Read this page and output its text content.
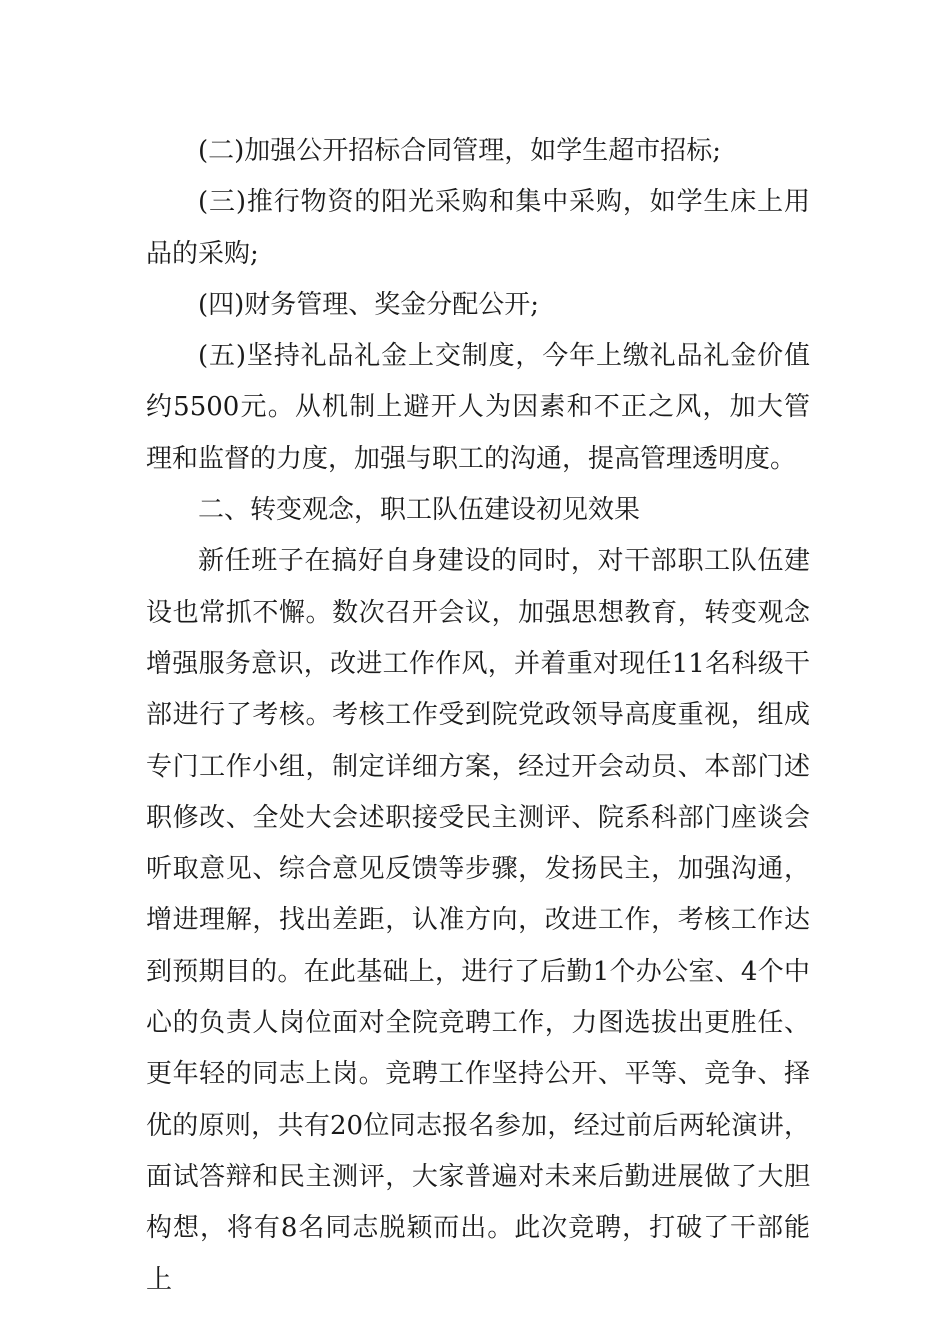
(二)加强公开招标合同管理，如学生超市招标;

(三)推行物资的阳光采购和集中采购，如学生床上用品的采购;

(四)财务管理、奖金分配公开;

(五)坚持礼品礼金上交制度，今年上缴礼品礼金价值约5500元。从机制上避开人为因素和不正之风，加大管理和监督的力度，加强与职工的沟通，提高管理透明度。

二、转变观念，职工队伍建设初见效果

新任班子在搞好自身建设的同时，对干部职工队伍建设也常抓不懈。数次召开会议，加强思想教育，转变观念增强服务意识，改进工作作风，并着重对现任11名科级干部进行了考核。考核工作受到院党政领导高度重视，组成专门工作小组，制定详细方案，经过开会动员、本部门述职修改、全处大会述职接受民主测评、院系科部门座谈会听取意见、综合意见反馈等步骤，发扬民主，加强沟通，增进理解，找出差距，认准方向，改进工作，考核工作达到预期目的。在此基础上，进行了后勤1个办公室、4个中心的负责人岗位面对全院竞聘工作，力图选拔出更胜任、更年轻的同志上岗。竞聘工作坚持公开、平等、竞争、择优的原则，共有20位同志报名参加，经过前后两轮演讲，面试答辩和民主测评，大家普遍对未来后勤进展做了大胆构想，将有8名同志脱颖而出。此次竞聘，打破了干部能上
